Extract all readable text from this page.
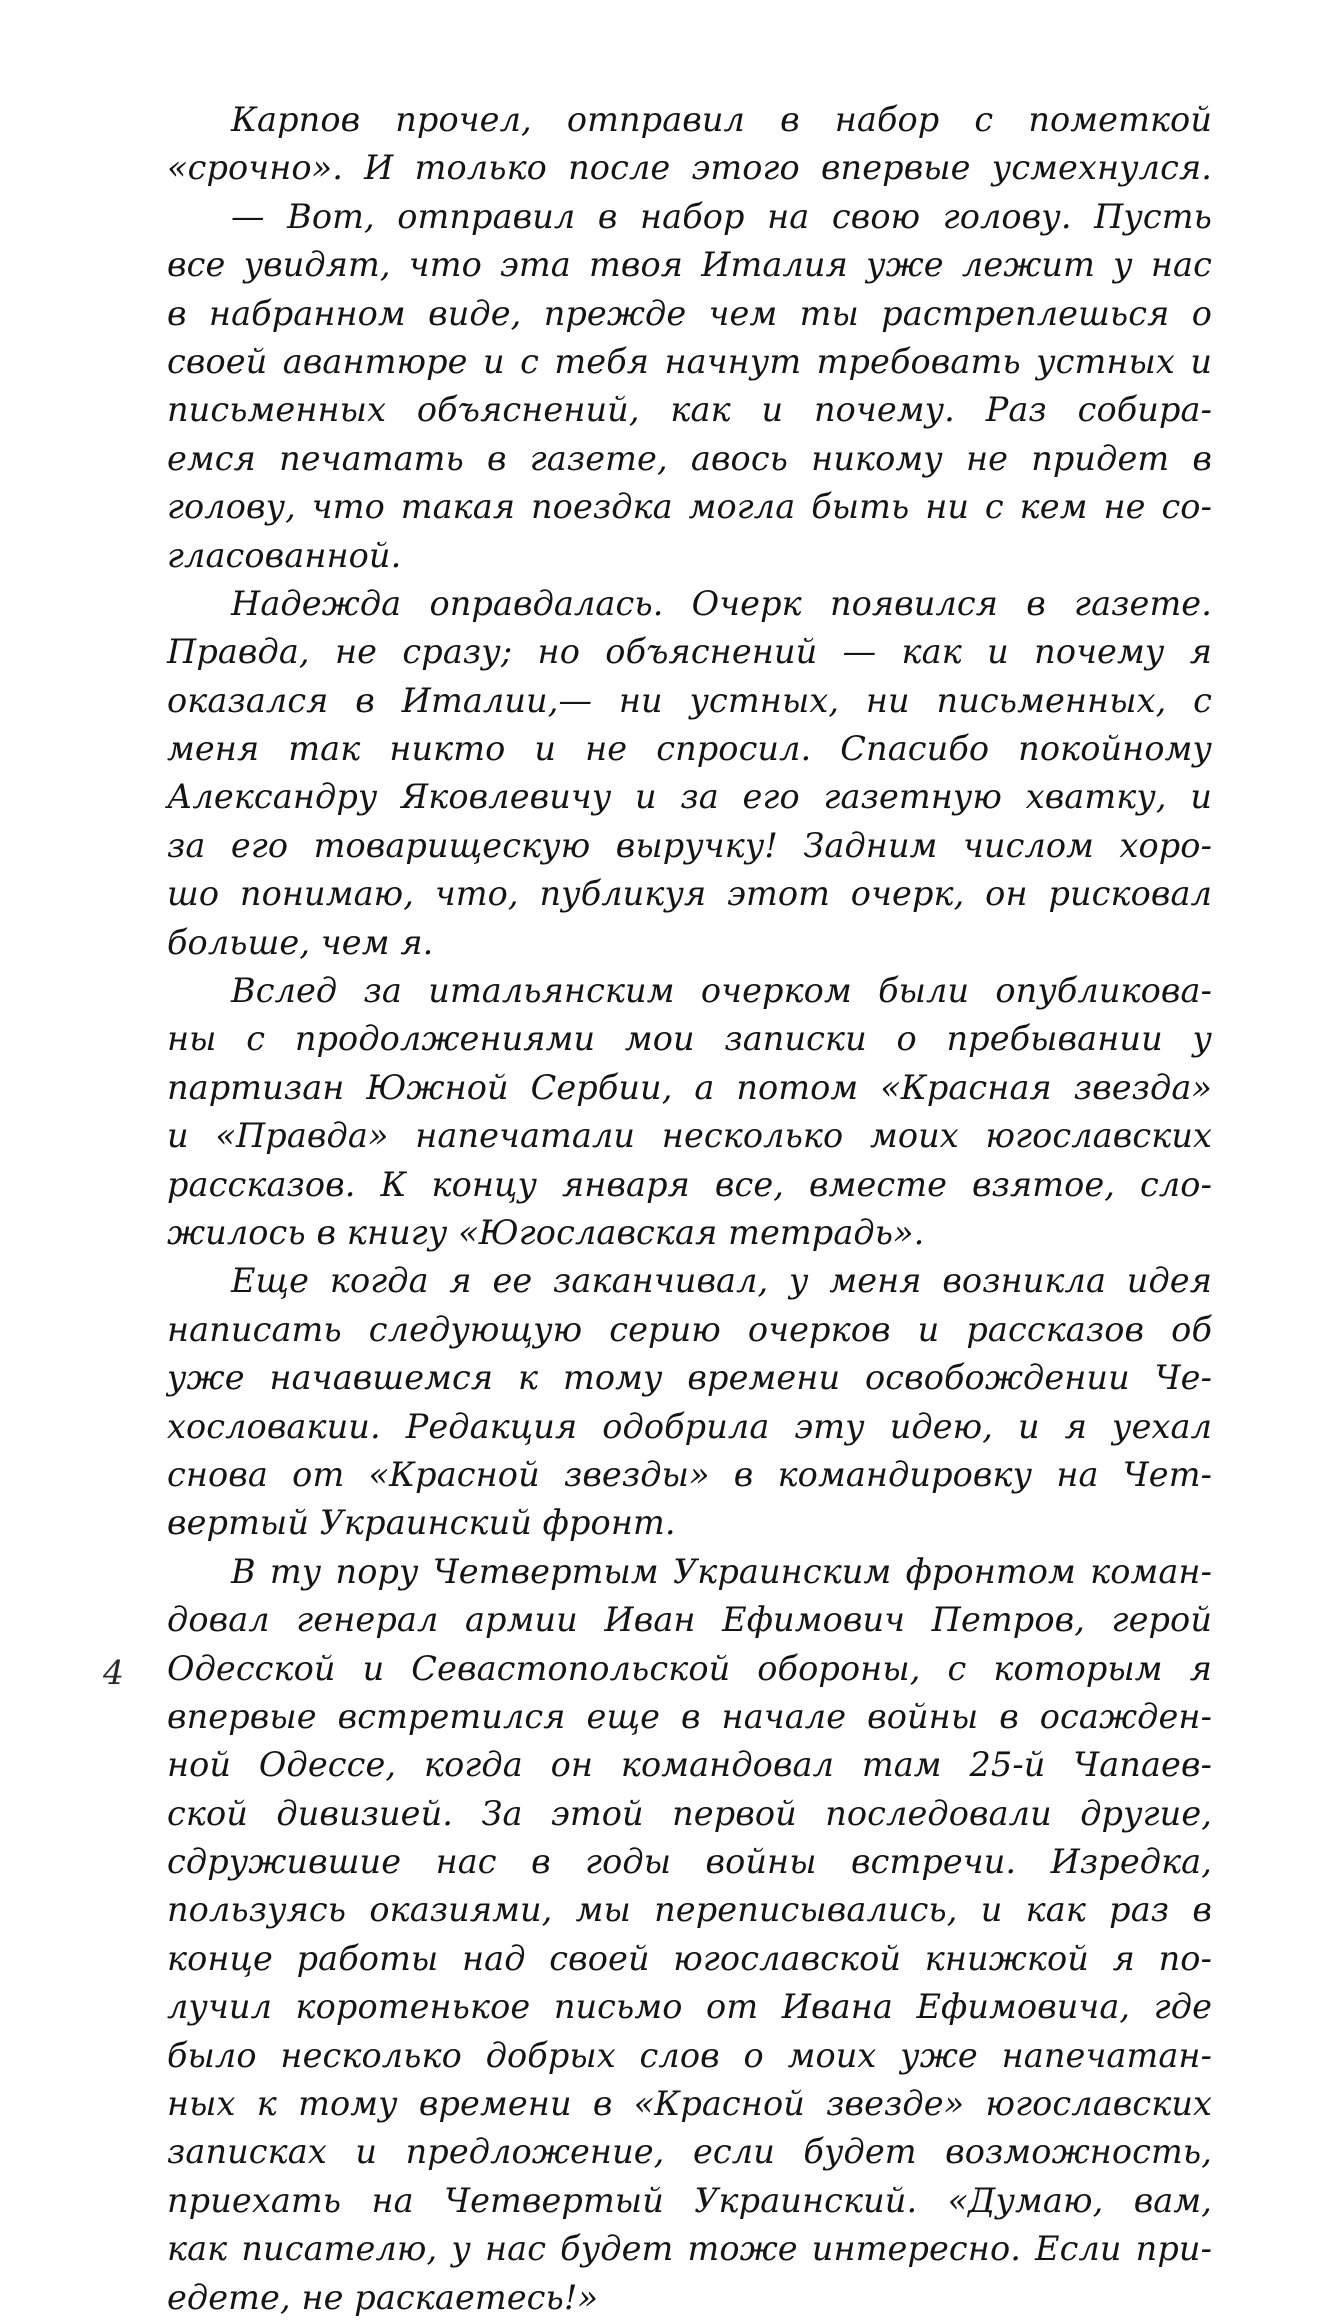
Карпов прочел, отправил в набор с пометкой
«срочно». И только после этого впервые усмехнулся.
— Вот, отправил в набор на свою голову. Пусть
все увидят, что эта твоя Италия уже лежит у нас
в набранном виде, прежде чем ты растреплешься о
своей авантюре и с тебя начнут требовать устных и
письменных объяснений, как и почему. Раз собира-
емся печатать в газете, авось никому не придет в
голову, что такая поездка могла быть ни с кем не со-
гласованной.
Надежда оправдалась. Очерк появился в газете.
Правда, не сразу; но объяснений — как и почему я
оказался в Италии,— ни устных, ни письменных, с
меня так никто и не спросил. Спасибо покойному
Александру Яковлевичу и за его газетную хватку, и
за его товарищескую выручку! Задним числом хоро-
шо понимаю, что, публикуя этот очерк, он рисковал
больше, чем я.
Вслед за итальянским очерком были опубликова-
ны с продолжениями мои записки о пребывании у
партизан Южной Сербии, а потом «Красная звезда»
и «Правда» напечатали несколько моих югославских
рассказов. К концу января все, вместе взятое, сло-
жилось в книгу «Югославская тетрадь».
Еще когда я ее заканчивал, у меня возникла идея
написать следующую серию очерков и рассказов об
уже начавшемся к тому времени освобождении Че-
хословакии. Редакция одобрила эту идею, и я уехал
снова от «Красной звезды» в командировку на Чет-
вертый Украинский фронт.
В ту пору Четвертым Украинским фронтом коман-
довал генерал армии Иван Ефимович Петров, герой
Одесской и Севастопольской обороны, с которым я
впервые встретился еще в начале войны в осажден-
ной Одессе, когда он командовал там 25-й Чапаев-
ской дивизией. За этой первой последовали другие,
сдружившие нас в годы войны встречи. Изредка,
пользуясь оказиями, мы переписывались, и как раз в
конце работы над своей югославской книжкой я по-
лучил коротенькое письмо от Ивана Ефимовича, где
было несколько добрых слов о моих уже напечатан-
ных к тому времени в «Красной звезде» югославских
записках и предложение, если будет возможность,
приехать на Четвертый Украинский. «Думаю, вам,
как писателю, у нас будет тоже интересно. Если при-
едете, не раскаетесь!»
4
